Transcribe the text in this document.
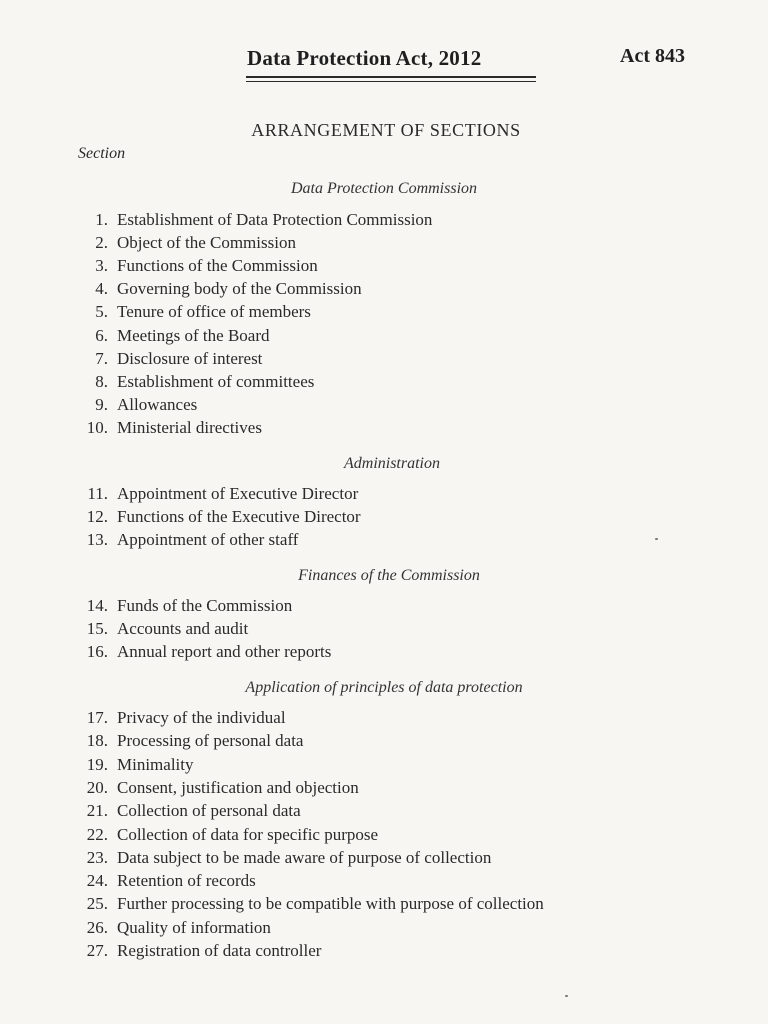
Data Protection Act, 2012	Act 843
ARRANGEMENT OF SECTIONS
Section
Data Protection Commission
1. Establishment of Data Protection Commission
2. Object of the Commission
3. Functions of the Commission
4. Governing body of the Commission
5. Tenure of office of members
6. Meetings of the Board
7. Disclosure of interest
8. Establishment of committees
9. Allowances
10. Ministerial directives
Administration
11. Appointment of Executive Director
12. Functions of the Executive Director
13. Appointment of other staff
Finances of the Commission
14. Funds of the Commission
15. Accounts and audit
16. Annual report and other reports
Application of principles of data protection
17. Privacy of the individual
18. Processing of personal data
19. Minimality
20. Consent, justification and objection
21. Collection of personal data
22. Collection of data for specific purpose
23. Data subject to be made aware of purpose of collection
24. Retention of records
25. Further processing to be compatible with purpose of collection
26. Quality of information
27. Registration of data controller
